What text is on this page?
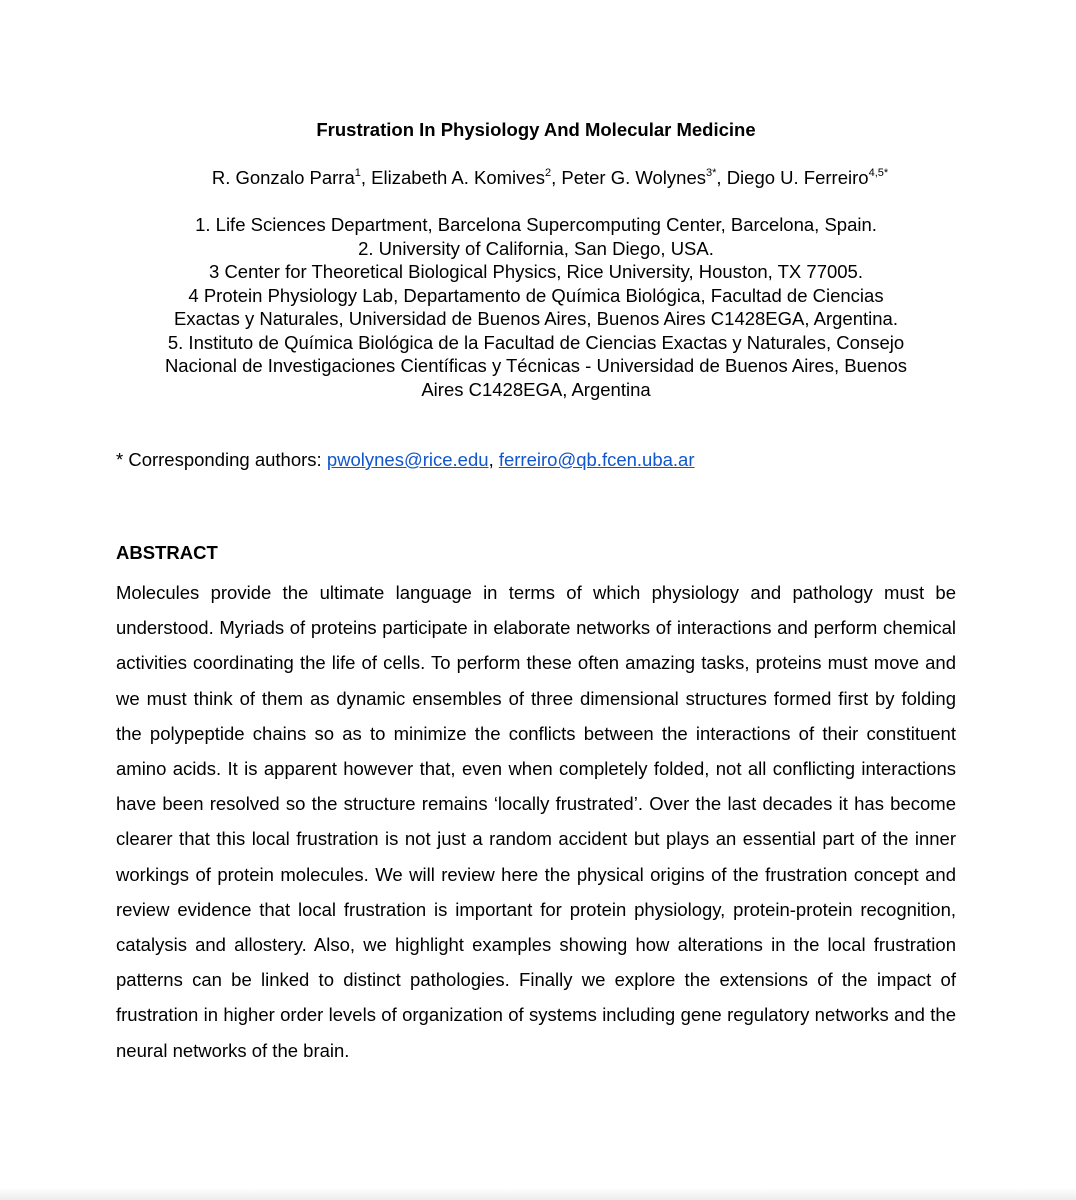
Frustration In Physiology And Molecular Medicine
R. Gonzalo Parra$^1$, Elizabeth A. Komives$^2$, Peter G. Wolynes$^{3*}$, Diego U. Ferreiro$^{4,5*}$
1. Life Sciences Department, Barcelona Supercomputing Center, Barcelona, Spain.
2. University of California, San Diego, USA.
3 Center for Theoretical Biological Physics, Rice University, Houston, TX 77005.
4 Protein Physiology Lab, Departamento de Química Biológica, Facultad de Ciencias
Exactas y Naturales, Universidad de Buenos Aires, Buenos Aires C1428EGA, Argentina.
5. Instituto de Química Biológica de la Facultad de Ciencias Exactas y Naturales, Consejo
Nacional de Investigaciones Científicas y Técnicas - Universidad de Buenos Aires, Buenos
Aires C1428EGA, Argentina
* Corresponding authors: pwolynes@rice.edu, ferreiro@qb.fcen.uba.ar
ABSTRACT
Molecules provide the ultimate language in terms of which physiology and pathology must be understood. Myriads of proteins participate in elaborate networks of interactions and perform chemical activities coordinating the life of cells. To perform these often amazing tasks, proteins must move and we must think of them as dynamic ensembles of three dimensional structures formed first by folding the polypeptide chains so as to minimize the conflicts between the interactions of their constituent amino acids. It is apparent however that, even when completely folded, not all conflicting interactions have been resolved so the structure remains ‘locally frustrated’. Over the last decades it has become clearer that this local frustration is not just a random accident but plays an essential part of the inner workings of protein molecules. We will review here the physical origins of the frustration concept and review evidence that local frustration is important for protein physiology, protein-protein recognition, catalysis and allostery. Also, we highlight examples showing how alterations in the local frustration patterns can be linked to distinct pathologies. Finally we explore the extensions of the impact of frustration in higher order levels of organization of systems including gene regulatory networks and the neural networks of the brain.
